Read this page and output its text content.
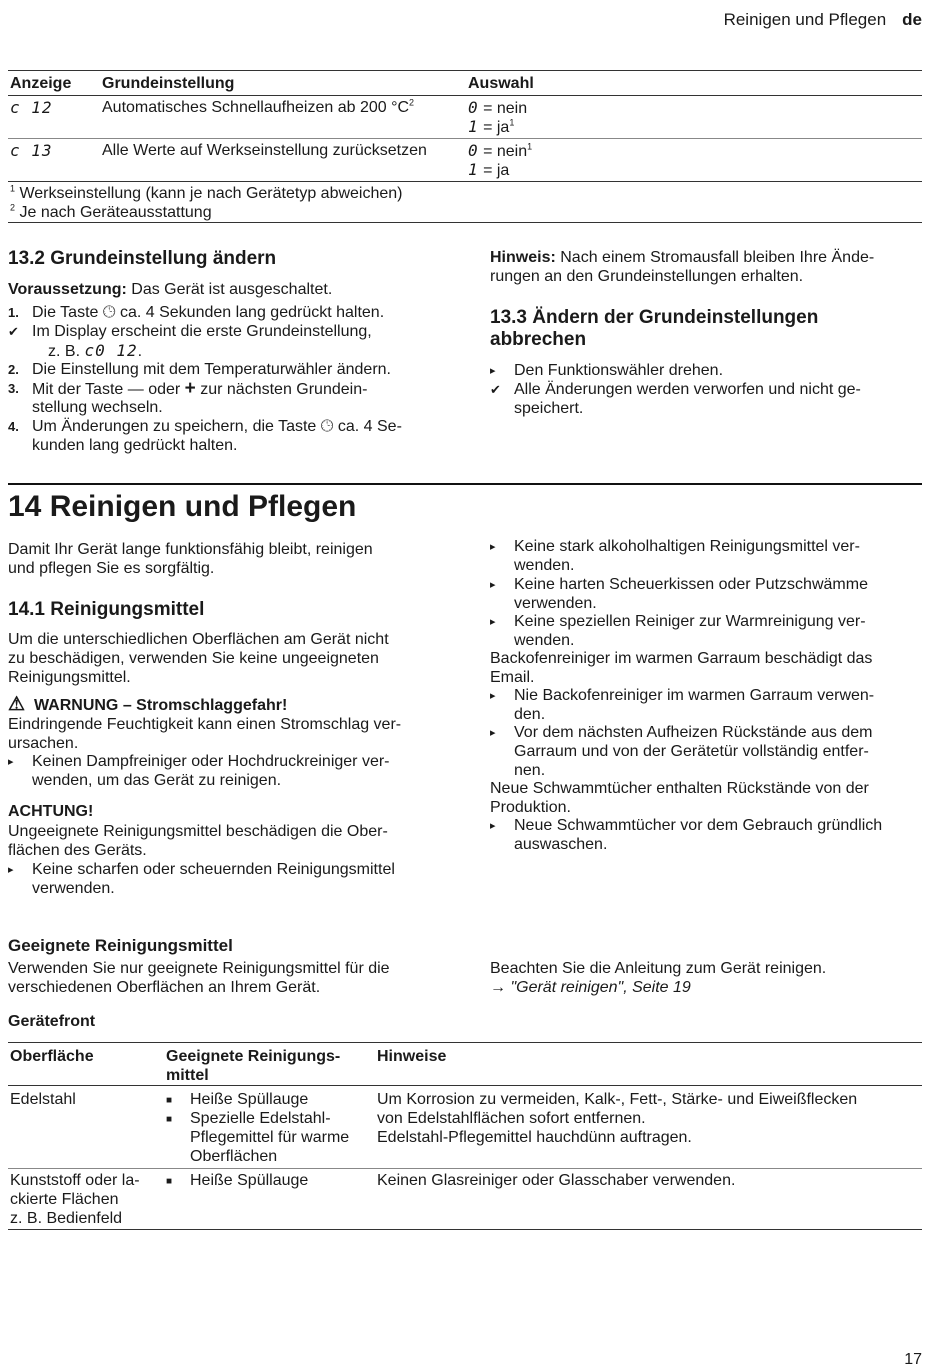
Reinigen und Pflegen de
Anzeige Grundeinstellung	Auswahl
c 12	Automatisches Schnellaufheizen ab 200 $^\circ C^2$	0 = nein
$1 = ja^1$
c 13	Alle Werte auf Werkseinstellung zurücksetzen	0 = nein$^1$
1 = ja
$^1$ Werkseinstellung (kann je nach Gerätetyp abweichen)
$^2$ Je nach Geräteausstattung
13.2 Grundeinstellung ändern
Voraussetzung: Das Gerät ist ausgeschaltet.
1. Die Taste 🕒︎ ca. 4 Sekunden lang gedrückt halten.
✔ Im Display erscheint die erste Grundeinstellung,
z. B. c0 12.
2. Die Einstellung mit dem Temperaturwähler ändern.
3. Mit der Taste — oder + zur nächsten Grundein-
stellung wechseln.
4. Um Änderungen zu speichern, die Taste 🕒︎ ca. 4 Se-
kunden lang gedrückt halten.
Hinweis: Nach einem Stromausfall bleiben Ihre Ände-
rungen an den Grundeinstellungen erhalten.
13.3 Ändern der Grundeinstellungen
abbrechen
▸ Den Funktionswähler drehen.
✔ Alle Änderungen werden verworfen und nicht ge-
speichert.
14 Reinigen und Pflegen
Damit Ihr Gerät lange funktionsfähig bleibt, reinigen
und pflegen Sie es sorgfältig.
14.1 Reinigungsmittel
Um die unterschiedlichen Oberflächen am Gerät nicht
zu beschädigen, verwenden Sie keine ungeeigneten
Reinigungsmittel.
⚠︎ WARNUNG – Stromschlaggefahr!
Eindringende Feuchtigkeit kann einen Stromschlag ver-
ursachen.
▸ Keinen Dampfreiniger oder Hochdruckreiniger ver-
wenden, um das Gerät zu reinigen.
ACHTUNG!
Ungeeignete Reinigungsmittel beschädigen die Ober-
flächen des Geräts.
▸ Keine scharfen oder scheuernden Reinigungsmittel
verwenden.
▸ Keine stark alkoholhaltigen Reinigungsmittel ver-
wenden.
▸ Keine harten Scheuerkissen oder Putzschwämme
verwenden.
▸ Keine speziellen Reiniger zur Warmreinigung ver-
wenden.
Backofenreiniger im warmen Garraum beschädigt das
Email.
▸ Nie Backofenreiniger im warmen Garraum verwen-
den.
▸ Vor dem nächsten Aufheizen Rückstände aus dem
Garraum und von der Gerätetür vollständig entfer-
nen.
Neue Schwammtücher enthalten Rückstände von der
Produktion.
▸ Neue Schwammtücher vor dem Gebrauch gründlich
auswaschen.
Geeignete Reinigungsmittel
Verwenden Sie nur geeignete Reinigungsmittel für die
verschiedenen Oberflächen an Ihrem Gerät.
Beachten Sie die Anleitung zum Gerät reinigen.
→ "Gerät reinigen", Seite 19
Gerätefront
Oberfläche	Geeignete Reinigungs-
mittel
Hinweise
Edelstahl
■	Heiße Spüllauge
■ Spezielle Edelstahl-
Pflegemittel für warme
Oberflächen
Um Korrosion zu vermeiden, Kalk-, Fett-, Stärke- und Eiweißflecken
von Edelstahlflächen sofort entfernen.
Edelstahl-Pflegemittel hauchdünn auftragen.
Kunststoff oder la-
ckierte Flächen
z. B. Bedienfeld
■ Heiße Spüllauge	Keinen Glasreiniger oder Glasschaber verwenden.
17
